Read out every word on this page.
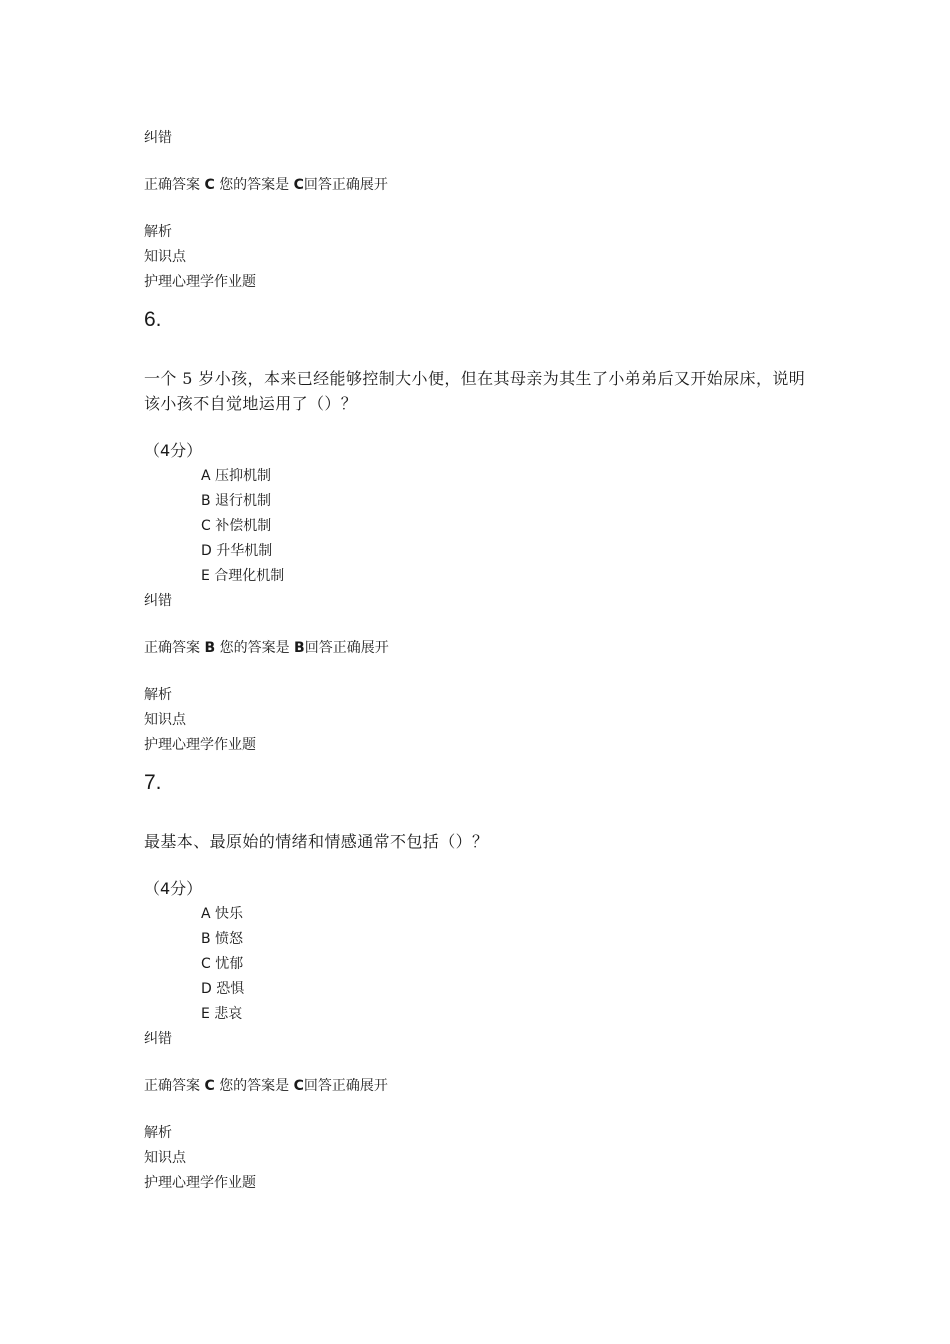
纠错
正确答案 C 您的答案是 C回答正确展开
解析
知识点
护理心理学作业题
6.
一个 5 岁小孩，本来已经能够控制大小便，但在其母亲为其生了小弟弟后又开始尿床，说明
该小孩不自觉地运用了（）？
（4分）
A 压抑机制
B 退行机制
C 补偿机制
D 升华机制
E 合理化机制
纠错
正确答案 B 您的答案是 B回答正确展开
解析
知识点
护理心理学作业题
7.
最基本、最原始的情绪和情感通常不包括（）？
（4分）
A 快乐
B 愤怒
C 忧郁
D 恐惧
E 悲哀
纠错
正确答案 C 您的答案是 C回答正确展开
解析
知识点
护理心理学作业题
